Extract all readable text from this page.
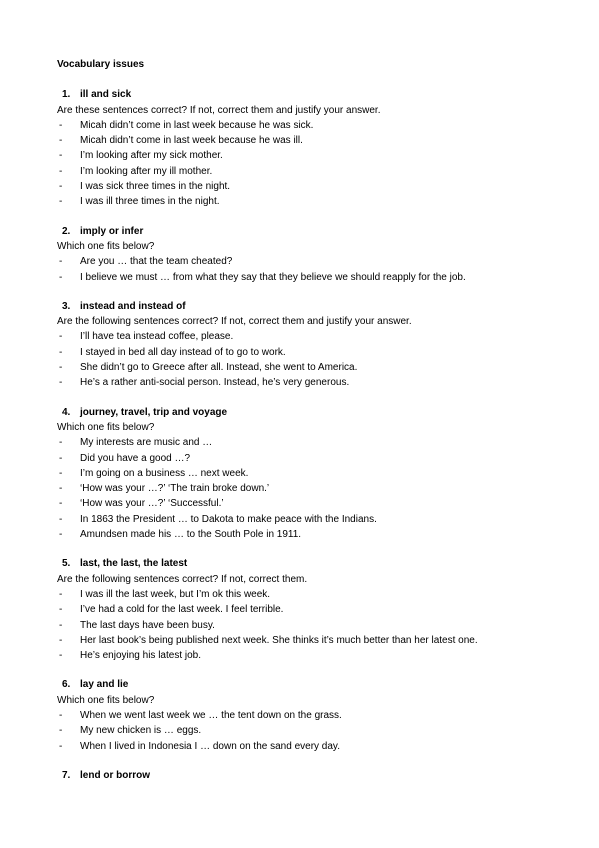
Vocabulary issues
1. ill and sick
Are these sentences correct? If not, correct them and justify your answer.
-	Micah didn’t come in last week because he was sick.
-	Micah didn’t come in last week because he was ill.
-	I’m looking after my sick mother.
-	I’m looking after my ill mother.
-	I was sick three times in the night.
-	I was ill three times in the night.
2. imply or infer
Which one fits below?
-	Are you … that the team cheated?
-	I believe we must … from what they say that they believe we should reapply for the job.
3. instead and instead of
Are the following sentences correct? If not, correct them and justify your answer.
-	I’ll have tea instead coffee, please.
-	I stayed in bed all day instead of to go to work.
-	She didn’t go to Greece after all. Instead, she went to America.
-	He’s a rather anti-social person. Instead, he’s very generous.
4. journey, travel, trip and voyage
Which one fits below?
-	My interests are music and …
-	Did you have a good …?
-	I’m going on a business … next week.
-	‘How was your …?’ ‘The train broke down.’
-	‘How was your …?’ ‘Successful.’
-	In 1863 the President … to Dakota to make peace with the Indians.
-	Amundsen made his … to the South Pole in 1911.
5. last, the last, the latest
Are the following sentences correct? If not, correct them.
-	I was ill the last week, but I’m ok this week.
-	I’ve had a cold for the last week. I feel terrible.
-	The last days have been busy.
-	Her last book’s being published next week. She thinks it’s much better than her latest one.
-	He’s enjoying his latest job.
6. lay and lie
Which one fits below?
-	When we went last week we … the tent down on the grass.
-	My new chicken is … eggs.
-	When I lived in Indonesia I … down on the sand every day.
7. lend or borrow
